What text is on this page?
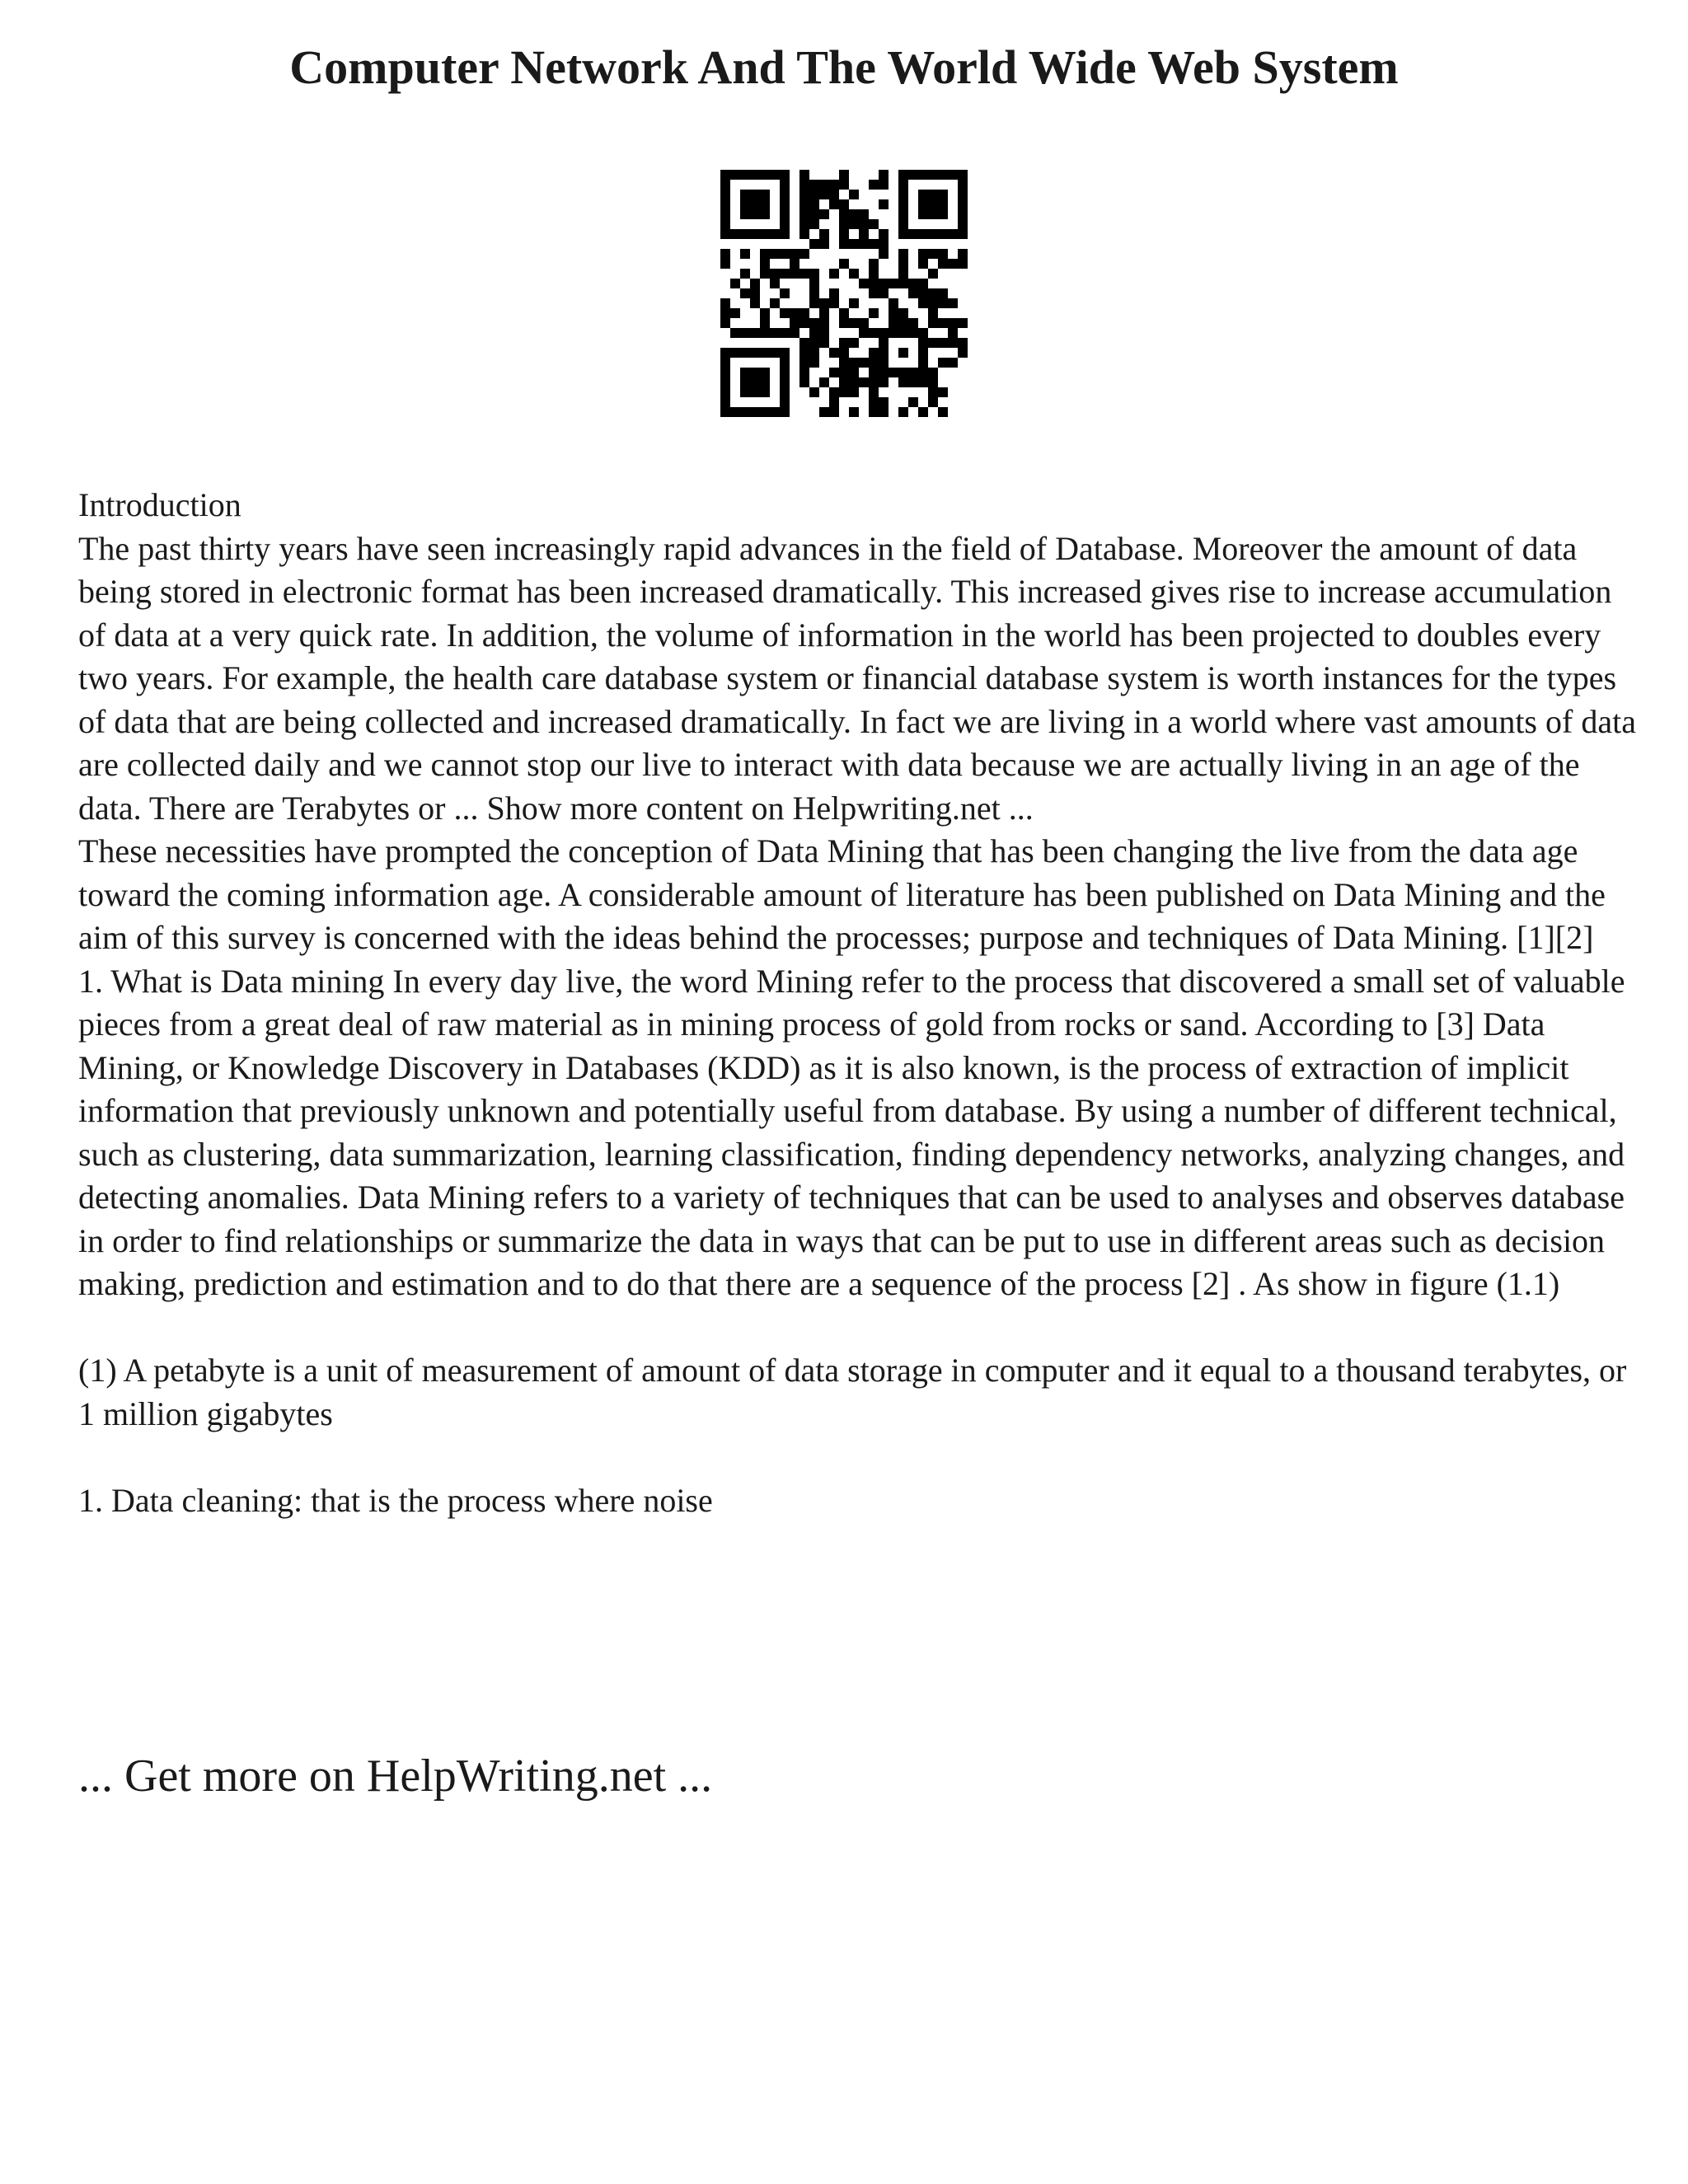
Computer Network And The World Wide Web System

Introduction

The past thirty years have seen increasingly rapid advances in the field of Database. Moreover the amount of data being stored in electronic format has been increased dramatically. This increased gives rise to increase accumulation of data at a very quick rate. In addition, the volume of information in the world has been projected to doubles every two years. For example, the health care database system or financial database system is worth instances for the types of data that are being collected and increased dramatically. In fact we are living in a world where vast amounts of data are collected daily and we cannot stop our live to interact with data because we are actually living in an age of the data. There are Terabytes or ... Show more content on Helpwriting.net ...

These necessities have prompted the conception of Data Mining that has been changing the live from the data age toward the coming information age. A considerable amount of literature has been published on Data Mining and the aim of this survey is concerned with the ideas behind the processes; purpose and techniques of Data Mining. [1][2]

1. What is Data mining In every day live, the word Mining refer to the process that discovered a small set of valuable pieces from a great deal of raw material as in mining process of gold from rocks or sand. According to [3] Data Mining, or Knowledge Discovery in Databases (KDD) as it is also known, is the process of extraction of implicit information that previously unknown and potentially useful from database. By using a number of different technical, such as clustering, data summarization, learning classification, finding dependency networks, analyzing changes, and detecting anomalies. Data Mining refers to a variety of techniques that can be used to analyses and observes database in order to find relationships or summarize the data in ways that can be put to use in different areas such as decision making, prediction and estimation and to do that there are a sequence of the process [2] . As show in figure (1.1)

(1) A petabyte is a unit of measurement of amount of data storage in computer and it equal to a thousand terabytes, or 1 million gigabytes

1. Data cleaning: that is the process where noise

... Get more on HelpWriting.net ...
